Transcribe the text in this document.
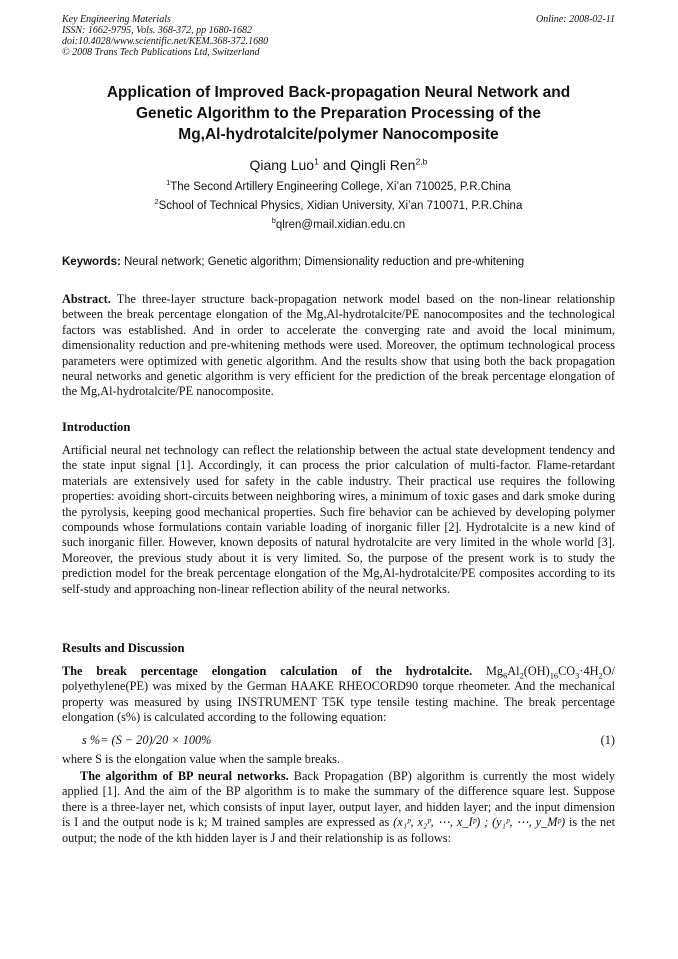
Key Engineering Materials
ISSN: 1662-9795, Vols. 368-372, pp 1680-1682
doi:10.4028/www.scientific.net/KEM.368-372.1680
© 2008 Trans Tech Publications Ltd, Switzerland
Online: 2008-02-11
Application of Improved Back-propagation Neural Network and
Genetic Algorithm to the Preparation Processing of the
Mg,Al-hydrotalcite/polymer Nanocomposite
Qiang Luo$^1$ and Qingli Ren$^{2,b}$
$^1$The Second Artillery Engineering College, Xi’an 710025, P.R.China
$^2$School of Technical Physics, Xidian University, Xi’an 710071, P.R.China
$^b$qlren@mail.xidian.edu.cn
Keywords: Neural network; Genetic algorithm; Dimensionality reduction and pre-whitening
Abstract. The three-layer structure back-propagation network model based on the non-linear relationship between the break percentage elongation of the Mg,Al-hydrotalcite/PE nanocomposites and the technological factors was established. And in order to accelerate the converging rate and avoid the local minimum, dimensionality reduction and pre-whitening methods were used. Moreover, the optimum technological process parameters were optimized with genetic algorithm. And the results show that using both the back propagation neural networks and genetic algorithm is very efficient for the prediction of the break percentage elongation of the Mg,Al-hydrotalcite/PE nanocomposite.
Introduction
Artificial neural net technology can reflect the relationship between the actual state development tendency and the state input signal [1]. Accordingly, it can process the prior calculation of multi-factor. Flame-retardant materials are extensively used for safety in the cable industry. Their practical use requires the following properties: avoiding short-circuits between neighboring wires, a minimum of toxic gases and dark smoke during the pyrolysis, keeping good mechanical properties. Such fire behavior can be achieved by developing polymer compounds whose formulations contain variable loading of inorganic filler [2]. Hydrotalcite is a new kind of such inorganic filler. However, known deposits of natural hydrotalcite are very limited in the whole world [3]. Moreover, the previous study about it is very limited. So, the purpose of the present work is to study the prediction model for the break percentage elongation of the Mg,Al-hydrotalcite/PE composites according to its self-study and approaching non-linear reflection ability of the neural networks.
Results and Discussion
The break percentage elongation calculation of the hydrotalcite. $Mg_6Al_2(OH)_{16}CO_3\cdot 4H_2O/$ polyethylene(PE) was mixed by the German HAAKE RHEOCORD90 torque rheometer. And the mechanical property was measured by using INSTRUMENT T5K type tensile testing machine. The break percentage elongation (s%) is calculated according to the following equation:
s %= (S − 20)/20 × 100%	(1)
where S is the elongation value when the sample breaks.
The algorithm of BP neural networks. Back Propagation (BP) algorithm is currently the most widely applied [1]. And the aim of the BP algorithm is to make the summary of the difference square lest. Suppose there is a three-layer net, which consists of input layer, output layer, and hidden layer; and the input dimension is I and the output node is k; M trained samples are expressed as (x₁ᵖ, x₂ᵖ, ⋯, x_Iᵖ) ; (y₁ᵖ, ⋯, y_Mᵖ) is the net output; the node of the kth hidden layer is J and their relationship is as follows:
